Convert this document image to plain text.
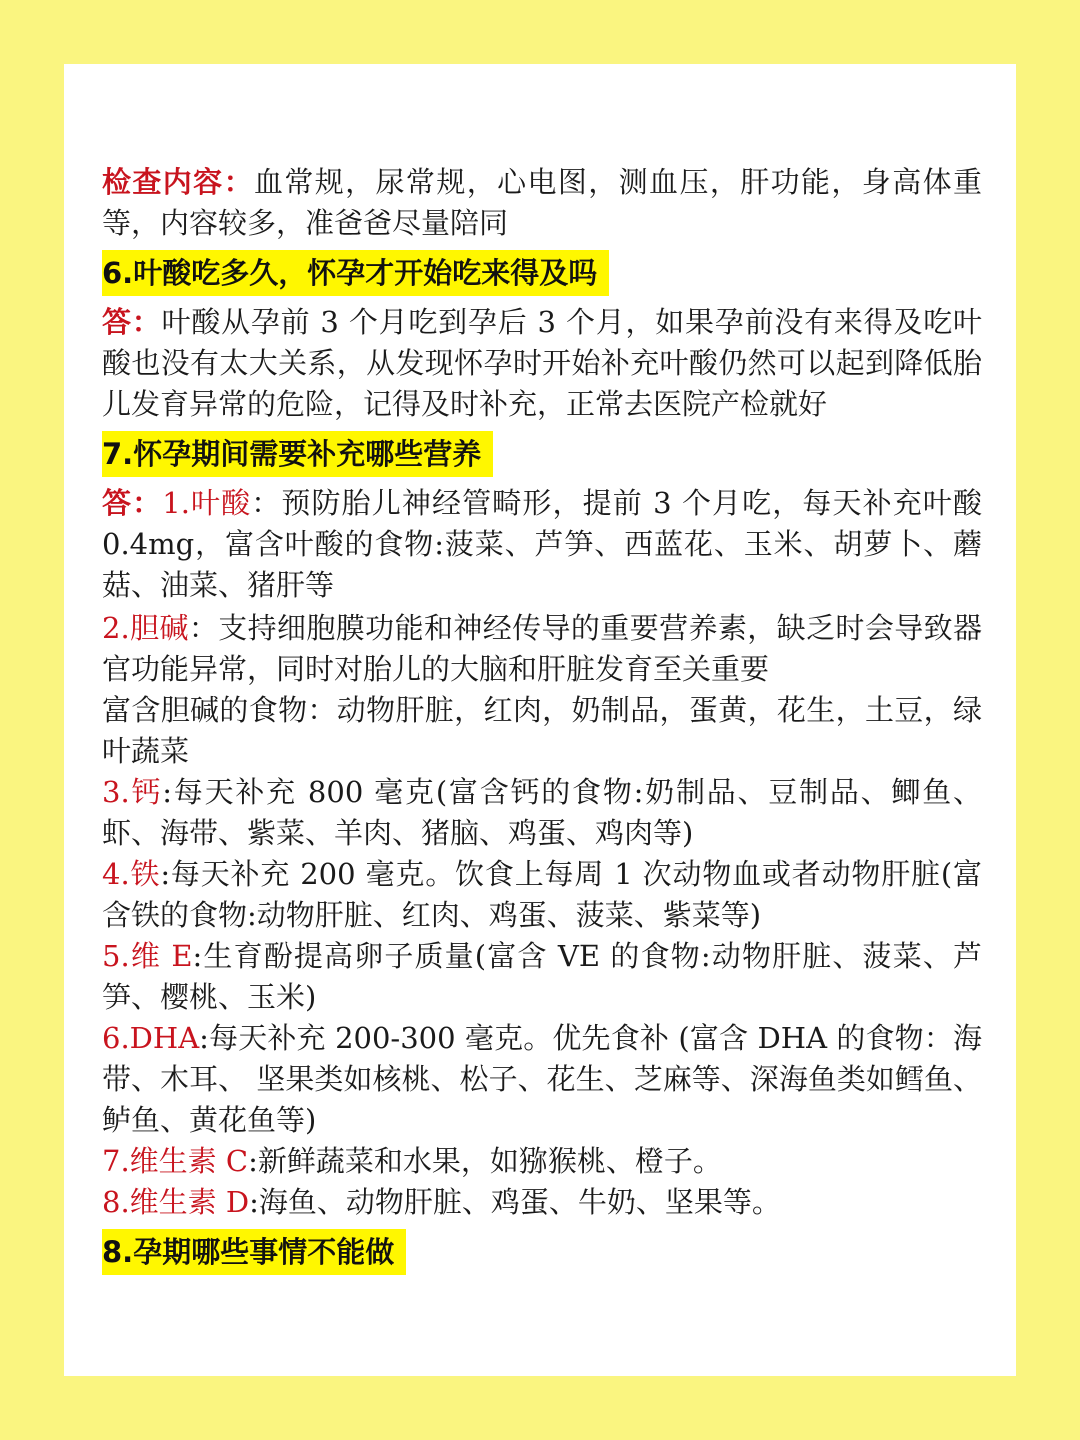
检查内容：血常规，尿常规，心电图，测血压，肝功能，身高体重等，内容较多，准爸爸尽量陪同

6.叶酸吃多久，怀孕才开始吃来得及吗

答：叶酸从孕前 3 个月吃到孕后 3 个月，如果孕前没有来得及吃叶酸也没有太大关系，从发现怀孕时开始补充叶酸仍然可以起到降低胎儿发育异常的危险，记得及时补充，正常去医院产检就好

7.怀孕期间需要补充哪些营养

答：1.叶酸：预防胎儿神经管畸形，提前 3 个月吃，每天补充叶酸 0.4mg，富含叶酸的食物:菠菜、芦笋、西蓝花、玉米、胡萝卜、蘑菇、油菜、猪肝等

2.胆碱：支持细胞膜功能和神经传导的重要营养素，缺乏时会导致器官功能异常，同时对胎儿的大脑和肝脏发育至关重要

富含胆碱的食物：动物肝脏，红肉，奶制品，蛋黄，花生，土豆，绿叶蔬菜

3.钙:每天补充 800 毫克(富含钙的食物:奶制品、豆制品、鲫鱼、虾、海带、紫菜、羊肉、猪脑、鸡蛋、鸡肉等)

4.铁:每天补充 200 毫克。饮食上每周 1 次动物血或者动物肝脏(富含铁的食物:动物肝脏、红肉、鸡蛋、菠菜、紫菜等)

5.维 E:生育酚提高卵子质量(富含 VE 的食物:动物肝脏、菠菜、芦笋、樱桃、玉米)

6.DHA:每天补充 200-300 毫克。优先食补 (富含 DHA 的食物：海带、木耳、 坚果类如核桃、松子、花生、芝麻等、深海鱼类如鳕鱼、鲈鱼、黄花鱼等)

7.维生素 C:新鲜蔬菜和水果，如猕猴桃、橙子。

8.维生素 D:海鱼、动物肝脏、鸡蛋、牛奶、坚果等。

8.孕期哪些事情不能做
